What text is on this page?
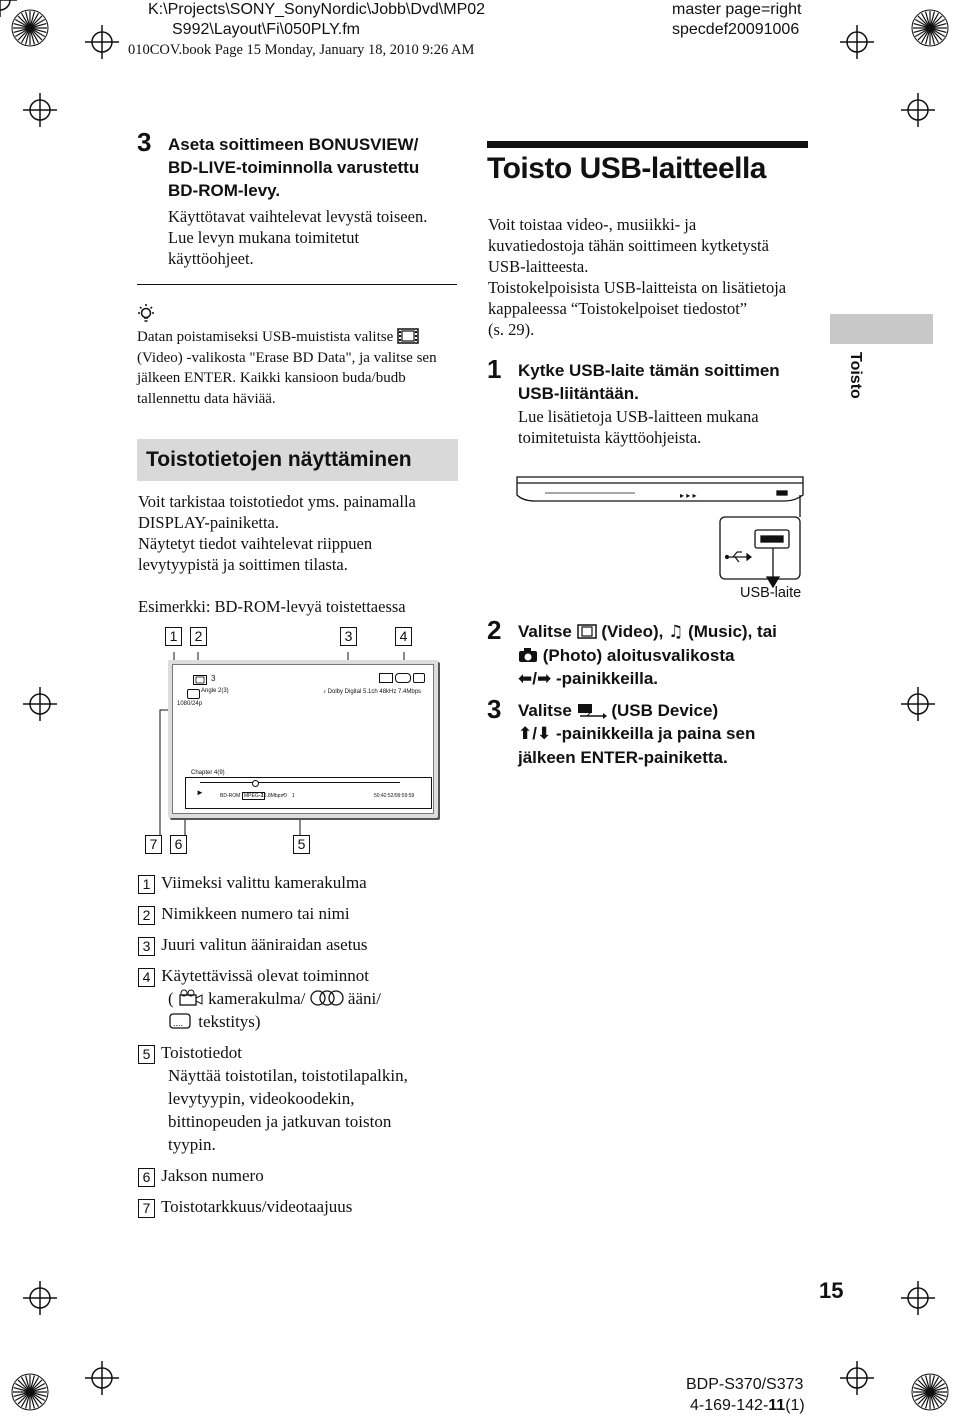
K:\Projects\SONY_SonyNordic\Jobb\Dvd\MP02
S992\Layout\Fi\050PLY.fm
master page=right
specdef20091006
010COV.book Page 15 Monday, January 18, 2010 9:26 AM
3 Aseta soittimeen BONUSVIEW/
BD-LIVE-toiminnolla varustettu
BD-ROM-levy.
Käyttötavat vaihtelevat levystä toiseen.
Lue levyn mukana toimitetut
käyttöohjeet.
Datan poistamiseksi USB-muistista valitse
(Video) -valikosta "Erase BD Data", ja valitse sen
jälkeen ENTER. Kaikki kansioon buda/budb
tallennettu data häviää.
Toistotietojen näyttäminen
Voit tarkistaa toistotiedot yms. painamalla
DISPLAY-painiketta.
Näytetyt tiedot vaihtelevat riippuen
levytyypistä ja soittimen tilasta.
Esimerkki: BD-ROM-levyä toistettaessa
1	2	3	4
7	6	5
3
Angle 2(3)
1080/24p
♪ Dolby Digital 5.1ch 48kHz 7.4Mbps
Chapter 4(9)
►	BD-ROM MPEG-2
16.8Mbps ⟲ 1	50:42:52/99:59:59
1 Viimeksi valittu kamerakulma
2 Nimikkeen numero tai nimi
3 Juuri valitun ääniraidan asetus
4 Käytettävissä olevat toiminnot
( kamerakulma/	ääni/
.... tekstitys)
5 Toistotiedot
Näyttää toistotilan, toistotilapalkin,
levytyypin, videokoodekin,
bittinopeuden ja jatkuvan toiston
tyypin.
6 Jakson numero
7 Toistotarkkuus/videotaajuus
Toisto USB-laitteella
Voit toistaa video-, musiikki- ja
kuvatiedostoja tähän soittimeen kytketystä
USB-laitteesta.
Toistokelpoisista USB-laitteista on lisätietoja
kappaleessa “Toistokelpoiset tiedostot”
(s. 29).
1 Kytke USB-laite tämän soittimen
USB-liitäntään.
Lue lisätietoja USB-laitteen mukana
toimitetuista käyttöohjeista.
▸ ▸ ▸
USB-laite
2 Valitse (Video), ♫ (Music), tai
(Photo) aloitusvalikosta
⬅/➡ -painikkeilla.
3 Valitse (USB Device)
⬆/⬇ -painikkeilla ja paina sen
jälkeen ENTER-painiketta.
Toisto
15
BDP-S370/S373
4-169-142-11(1)
